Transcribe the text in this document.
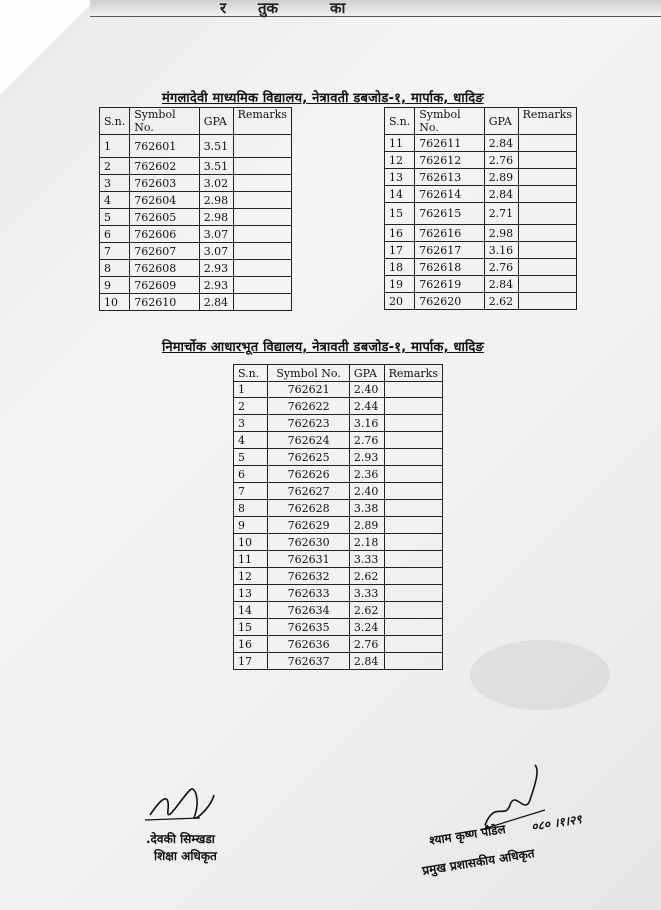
र तुक	का
मंगलादेवी माध्यमिक विद्यालय, नेत्रावती डबजोड-१, मार्पाक, धादिङ
S.n.	Symbol No.	GPA	Remarks
1	762601	3.51	
2	762602	3.51	
3	762603	3.02	
4	762604	2.98	
5	762605	2.98	
6	762606	3.07	
7	762607	3.07	
8	762608	2.93	
9	762609	2.93	
10	762610	2.84	
S.n.	Symbol No.	GPA	Remarks
11	762611	2.84	
12	762612	2.76	
13	762613	2.89	
14	762614	2.84	
15	762615	2.71	
16	762616	2.98	
17	762617	3.16	
18	762618	2.76	
19	762619	2.84	
20	762620	2.62	
निमार्चोक आधारभूत विद्यालय, नेत्रावती डबजोड-१, मार्पाक, धादिङ
S.n.	Symbol No.	GPA	Remarks
1	762621	2.40	
2	762622	2.44	
3	762623	3.16	
4	762624	2.76	
5	762625	2.93	
6	762626	2.36	
7	762627	2.40	
8	762628	3.38	
9	762629	2.89	
10	762630	2.18	
11	762631	3.33	
12	762632	2.62	
13	762633	3.33	
14	762634	2.62	
15	762635	3.24	
16	762636	2.76	
17	762637	2.84	
.देवकी सिम्खडा
शिक्षा अधिकृत
श्याम कृष्ण पौडेल ०८० ।१।२९
प्रमुख प्रशासकीय अधिकृत
